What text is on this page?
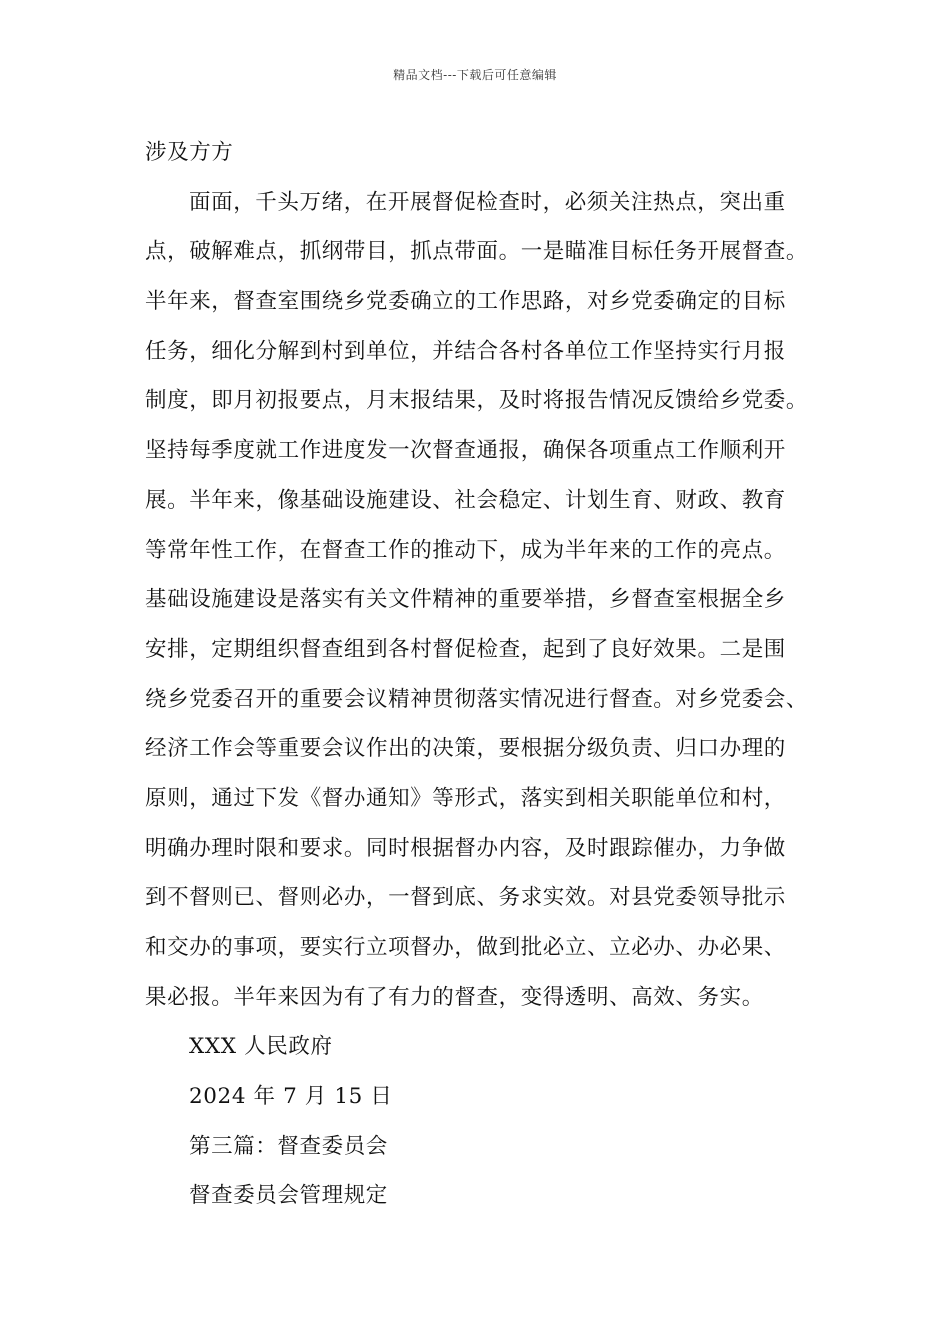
精品文档---下载后可任意编辑
涉及方方
面面，千头万绪，在开展督促检查时，必须关注热点，突出重
点，破解难点，抓纲带目，抓点带面。一是瞄准目标任务开展督查。
半年来，督查室围绕乡党委确立的工作思路，对乡党委确定的目标
任务，细化分解到村到单位，并结合各村各单位工作坚持实行月报
制度，即月初报要点，月末报结果，及时将报告情况反馈给乡党委。
坚持每季度就工作进度发一次督查通报，确保各项重点工作顺利开
展。半年来，像基础设施建设、社会稳定、计划生育、财政、教育
等常年性工作，在督查工作的推动下，成为半年来的工作的亮点。
基础设施建设是落实有关文件精神的重要举措，乡督查室根据全乡
安排，定期组织督查组到各村督促检查，起到了良好效果。二是围
绕乡党委召开的重要会议精神贯彻落实情况进行督查。对乡党委会、
经济工作会等重要会议作出的决策，要根据分级负责、归口办理的
原则，通过下发《督办通知》等形式，落实到相关职能单位和村，
明确办理时限和要求。同时根据督办内容，及时跟踪催办，力争做
到不督则已、督则必办，一督到底、务求实效。对县党委领导批示
和交办的事项，要实行立项督办，做到批必立、立必办、办必果、
果必报。半年来因为有了有力的督查，变得透明、高效、务实。
XXX 人民政府
2024 年 7 月 15 日
第三篇：督查委员会
督查委员会管理规定
